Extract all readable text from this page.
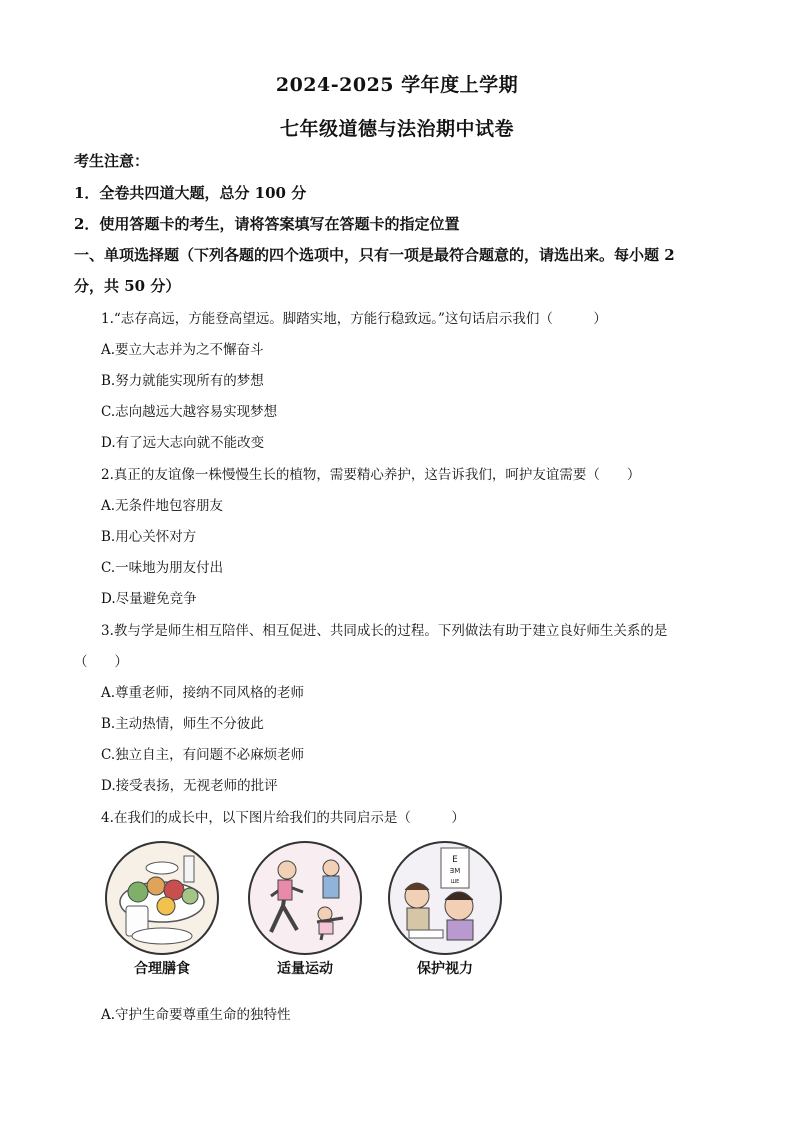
2024-2025 学年度上学期
七年级道德与法治期中试卷
考生注意：
1．全卷共四道大题，总分 100 分
2．使用答题卡的考生，请将答案填写在答题卡的指定位置
一、单项选择题（下列各题的四个选项中，只有一项是最符合题意的，请选出来。每小题 2
分，共 50 分）
1.“志存高远，方能登高望远。脚踏实地，方能行稳致远。”这句话启示我们（　　　）
A.要立大志并为之不懈奋斗
B.努力就能实现所有的梦想
C.志向越远大越容易实现梦想
D.有了远大志向就不能改变
2.真正的友谊像一株慢慢生长的植物，需要精心养护，这告诉我们，呵护友谊需要（　　）
A.无条件地包容朋友
B.用心关怀对方
C.一味地为朋友付出
D.尽量避免竞争
3.教与学是师生相互陪伴、相互促进、共同成长的过程。下列做法有助于建立良好师生关系的是
（　　）
A.尊重老师，接纳不同风格的老师
B.主动热情，师生不分彼此
C.独立自主，有问题不必麻烦老师
D.接受表扬，无视老师的批评
4.在我们的成长中，以下图片给我们的共同启示是（　　　）
合理膳食	适量运动
E
ƎM
ШE
保护视力
A.守护生命要尊重生命的独特性
